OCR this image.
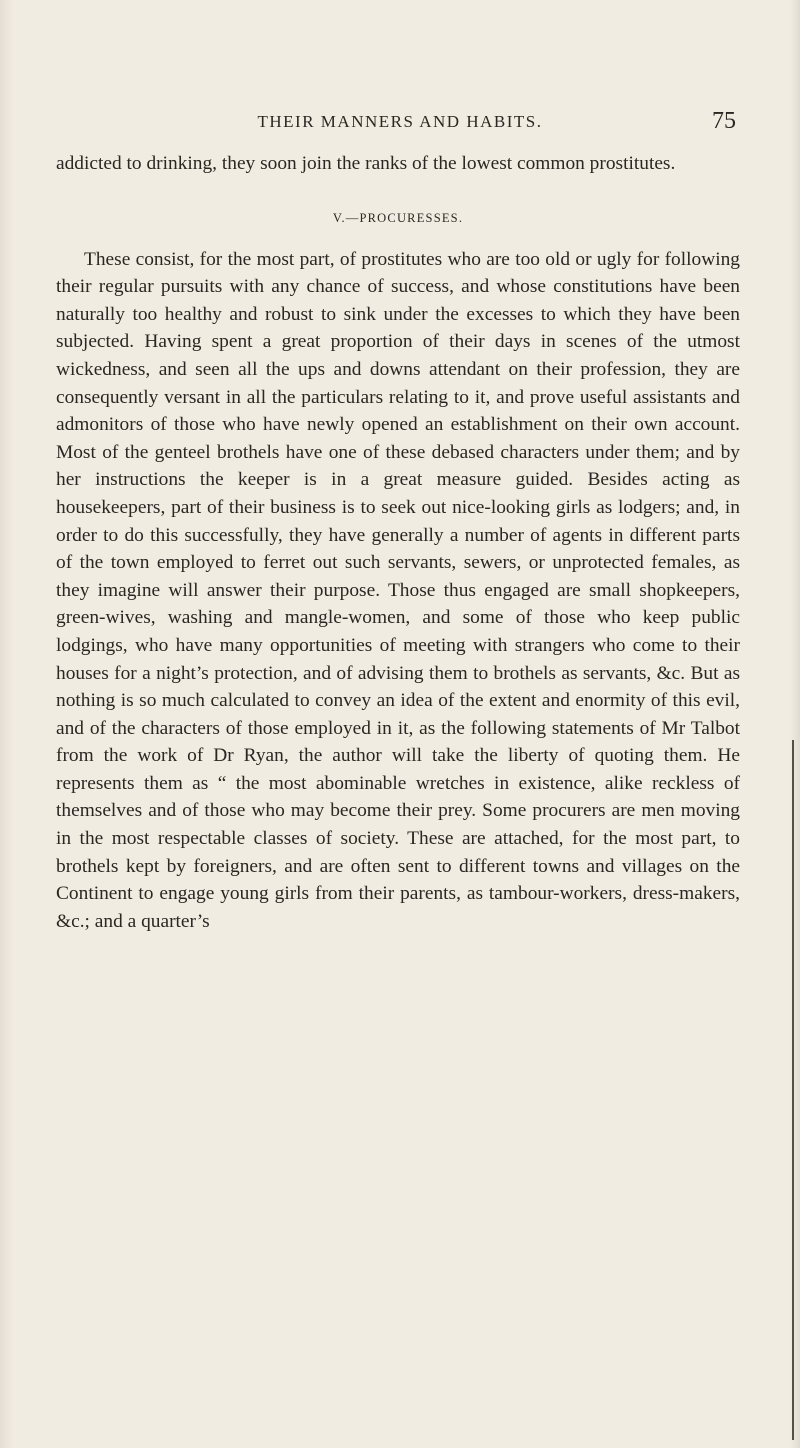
THEIR MANNERS AND HABITS.	75

addicted to drinking, they soon join the ranks of the lowest common prostitutes.

V.—PROCURESSES.

These consist, for the most part, of prostitutes who are too old or ugly for following their regular pursuits with any chance of success, and whose constitutions have been naturally too healthy and robust to sink under the excesses to which they have been subjected. Having spent a great proportion of their days in scenes of the utmost wickedness, and seen all the ups and downs attendant on their profession, they are consequently versant in all the particulars relating to it, and prove useful assistants and admonitors of those who have newly opened an establishment on their own account. Most of the genteel brothels have one of these debased characters under them; and by her instructions the keeper is in a great measure guided. Besides acting as housekeepers, part of their business is to seek out nice-looking girls as lodgers; and, in order to do this successfully, they have generally a number of agents in different parts of the town employed to ferret out such servants, sewers, or unprotected females, as they imagine will answer their purpose. Those thus engaged are small shopkeepers, green-wives, washing and mangle-women, and some of those who keep public lodgings, who have many opportunities of meeting with strangers who come to their houses for a night’s protection, and of advising them to brothels as servants, &c. But as nothing is so much calculated to convey an idea of the extent and enormity of this evil, and of the characters of those employed in it, as the following statements of Mr Talbot from the work of Dr Ryan, the author will take the liberty of quoting them. He represents them as “ the most abominable wretches in existence, alike reckless of themselves and of those who may become their prey. Some procurers are men moving in the most respectable classes of society. These are attached, for the most part, to brothels kept by foreigners, and are often sent to different towns and villages on the Continent to engage young girls from their parents, as tambour-workers, dress-makers, &c.; and a quarter’s
